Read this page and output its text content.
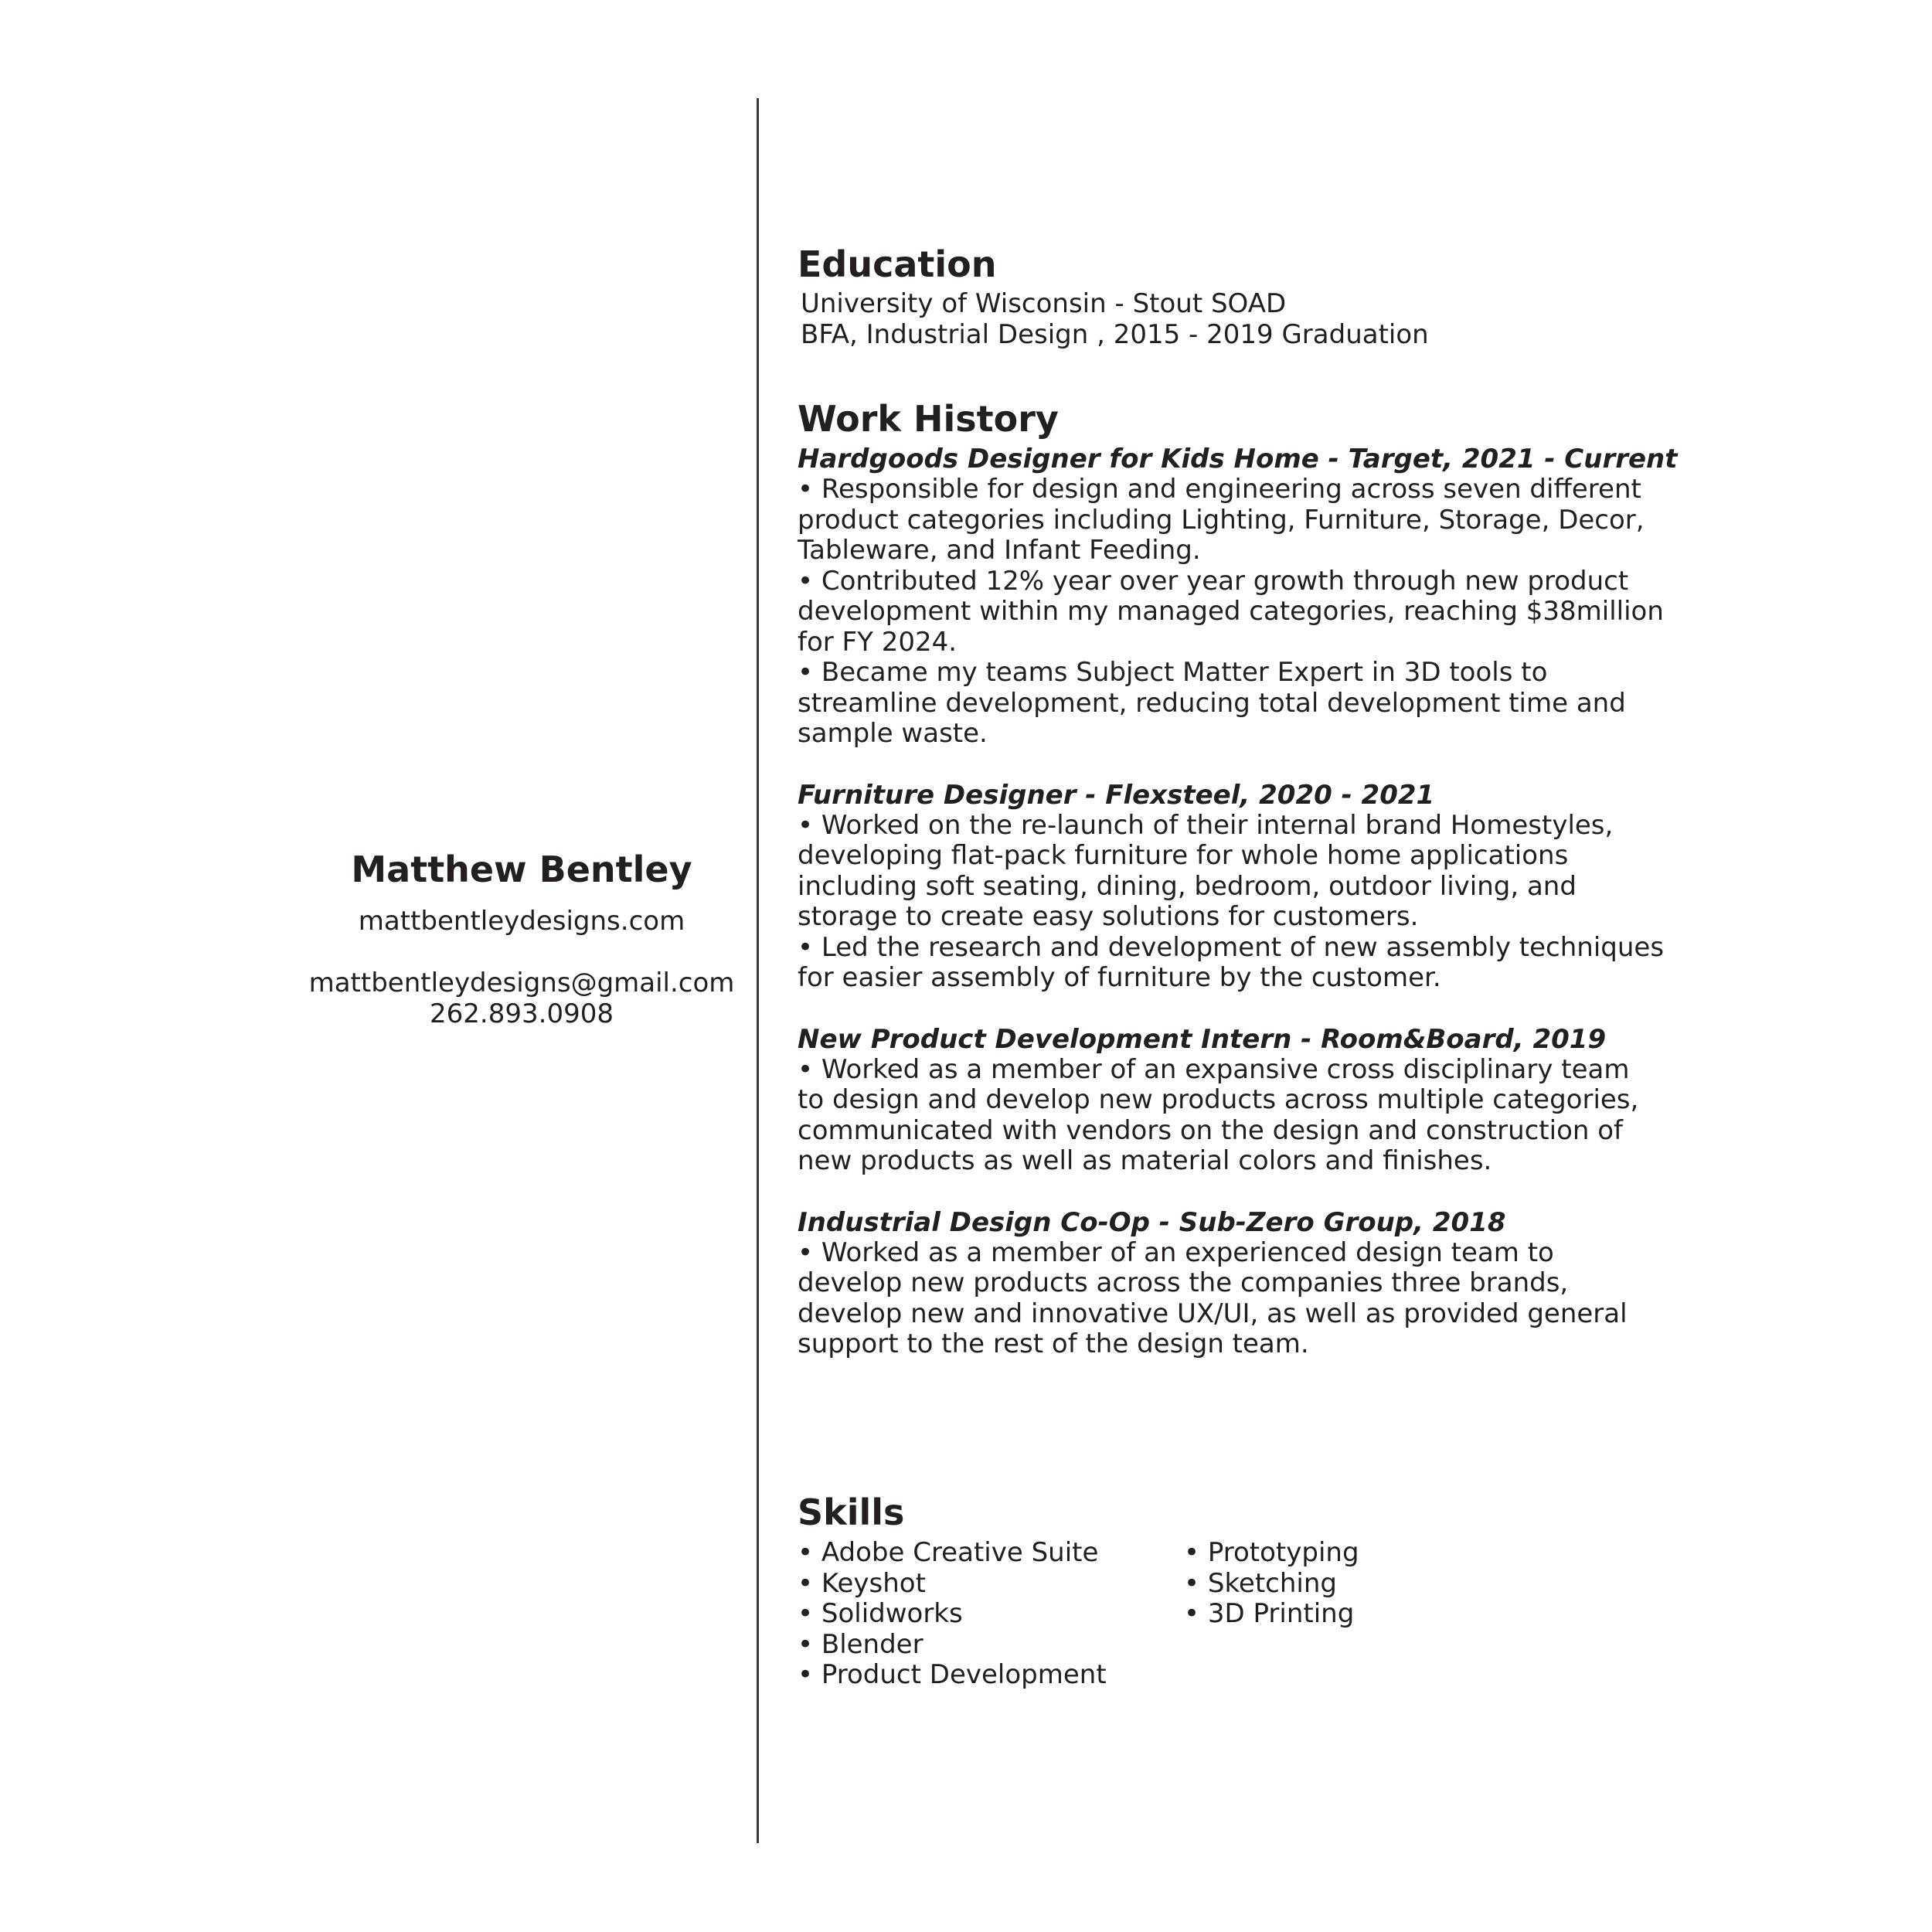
Matthew Bentley

mattbentleydesigns.com

mattbentleydesigns@gmail.com

262.893.0908

Education
University of Wisconsin - Stout SOAD
BFA, Industrial Design , 2015 - 2019 Graduation
Work History
Hardgoods Designer for Kids Home - Target, 2021 - Current
• Responsible for design and engineering across seven different
product categories including Lighting, Furniture, Storage, Decor,
Tableware, and Infant Feeding.
• Contributed 12% year over year growth through new product
development within my managed categories, reaching $38million
for FY 2024.
• Became my teams Subject Matter Expert in 3D tools to
streamline development, reducing total development time and
sample waste.
Furniture Designer - Flexsteel, 2020 - 2021
• Worked on the re-launch of their internal brand Homestyles,
developing flat-pack furniture for whole home applications
including soft seating, dining, bedroom, outdoor living, and
storage to create easy solutions for customers.
• Led the research and development of new assembly techniques
for easier assembly of furniture by the customer.
New Product Development Intern - Room&Board, 2019
• Worked as a member of an expansive cross disciplinary team
to design and develop new products across multiple categories,
communicated with vendors on the design and construction of
new products as well as material colors and finishes.
Industrial Design Co-Op - Sub-Zero Group, 2018
• Worked as a member of an experienced design team to
develop new products across the companies three brands,
develop new and innovative UX/UI, as well as provided general
support to the rest of the design team.
Skills
• Adobe Creative Suite
• Keyshot
• Solidworks
• Blender
• Product Development
• Prototyping
• Sketching
• 3D Printing
